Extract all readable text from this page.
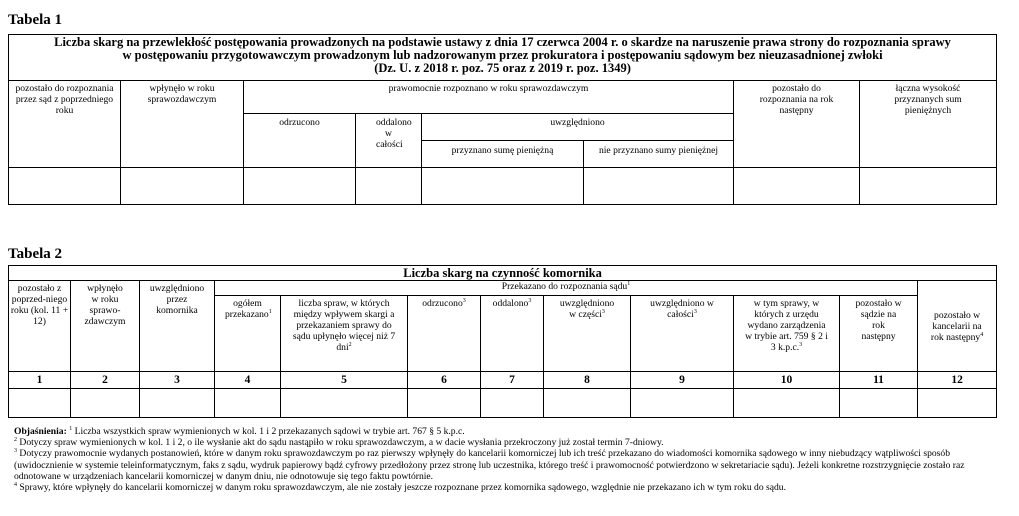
Tabela 1
Liczba skarg na przewlekłość postępowania prowadzonych na podstawie ustawy z dnia 17 czerwca 2004 r. o skardze na naruszenie prawa strony do rozpoznania sprawy
w postępowaniu przygotowawczym prowadzonym lub nadzorowanym przez prokuratora i postępowaniu sądowym bez nieuzasadnionej zwłoki
(Dz. U. z 2018 r. poz. 75 oraz z 2019 r. poz. 1349)							

pozostało do rozpoznania przez sąd z poprzedniego roku	wpłynęło w roku sprawozdawczym	prawomocnie rozpoznano w roku sprawozdawczym				pozostało do rozpoznania na rok następny	łączna wysokość przyznanych sum pieniężnych
		odrzucono	oddalono w całości	uwzględniono			
				przyznano sumę pieniężną	nie przyznano sumy pieniężnej		

Tabela 2
Liczba skarg na czynność komornika											
pozostało z poprzed-niego roku (kol. 11 + 12)	wpłynęło w roku sprawo-zdawczym	uwzględniono przez komornika	Przekazano do rozpoznania sądu$^1$								pozostało w kancelarii na rok następny$^4$
			ogółem przekazano$^1$	liczba spraw, w których między wpływem skargi a przekazaniem sprawy do sądu upłynęło więcej niż 7 dni$^2$	odrzucono$^3$	oddalono$^3$	uwzględniono w części$^3$	uwzględniono w całości$^3$	w tym sprawy, w których z urzędu wydano zarządzenia w trybie art. 759 § 2 i 3 k.p.c.$^3$	pozostało w sądzie na rok następny	
1	2	3	4	5	6	7	8	9	10	11	12

Objaśnienia: $^1$ Liczba wszystkich spraw wymienionych w kol. 1 i 2 przekazanych sądowi w trybie art. 767 § 5 k.p.c.

$^2$ Dotyczy spraw wymienionych w kol. 1 i 2, o ile wysłanie akt do sądu nastąpiło w roku sprawozdawczym, a w dacie wysłania przekroczony już został termin 7-dniowy.

$^3$ Dotyczy prawomocnie wydanych postanowień, które w danym roku sprawozdawczym po raz pierwszy wpłynęły do kancelarii komorniczej lub ich treść przekazano do wiadomości komornika sądowego w inny niebudzący wątpliwości sposób (uwidocznienie w systemie teleinformatycznym, faks z sądu, wydruk papierowy bądź cyfrowy przedłożony przez stronę lub uczestnika, którego treść i prawomocność potwierdzono w sekretariacie sądu). Jeżeli konkretne rozstrzygnięcie zostało raz odnotowane w urządzeniach kancelarii komorniczej w danym dniu, nie odnotowuje się tego faktu powtórnie.

$^4$ Sprawy, które wpłynęły do kancelarii komorniczej w danym roku sprawozdawczym, ale nie zostały jeszcze rozpoznane przez komornika sądowego, względnie nie przekazano ich w tym roku do sądu.
